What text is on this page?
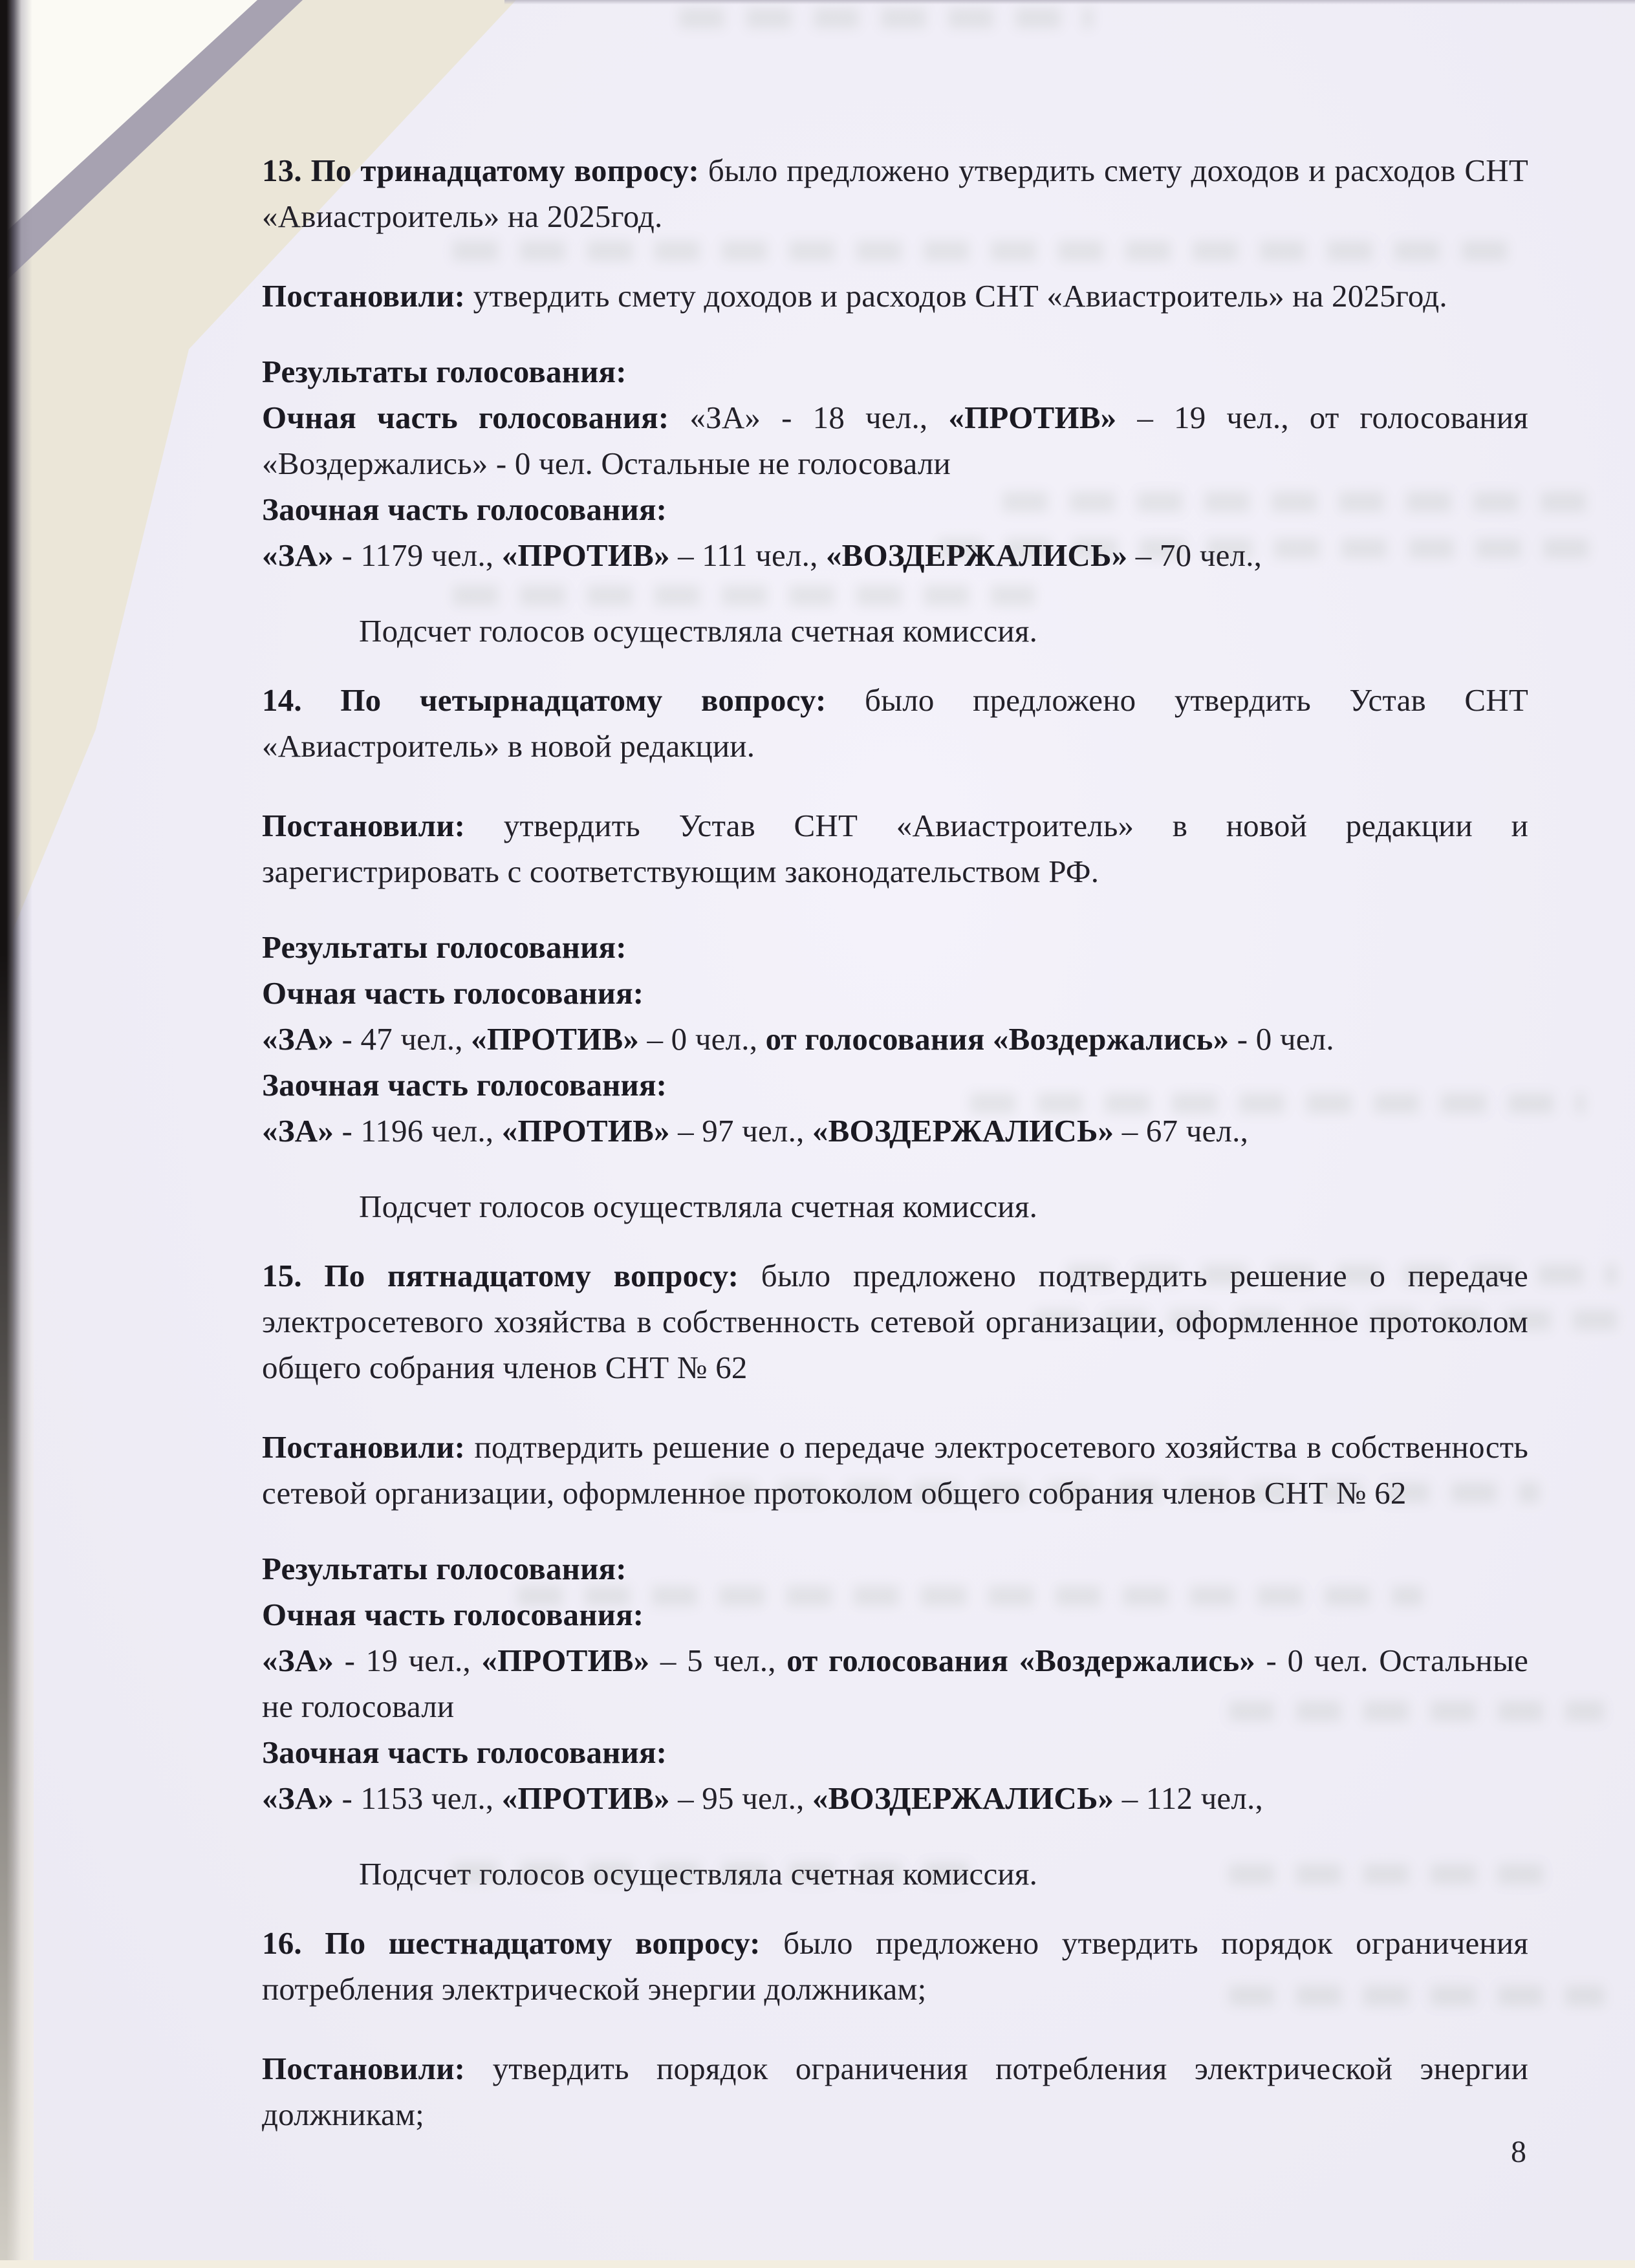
13. По тринадцатому вопросу: было предложено утвердить смету доходов и расходов СНТ «Авиастроитель» на 2025год.

Постановили: утвердить смету доходов и расходов СНТ «Авиастроитель» на 2025год.

Результаты голосования:

Очная часть голосования: «ЗА» - 18 чел., «ПРОТИВ» – 19 чел., от голосования «Воздержались» - 0 чел. Остальные не голосовали

Заочная часть голосования:

«ЗА» - 1179 чел., «ПРОТИВ» – 111 чел., «ВОЗДЕРЖАЛИСЬ» – 70 чел.,

Подсчет голосов осуществляла счетная комиссия.

14. По четырнадцатому вопросу: было предложено утвердить Устав СНТ «Авиастроитель» в новой редакции.

Постановили: утвердить Устав СНТ «Авиастроитель» в новой редакции и зарегистрировать с соответствующим законодательством РФ.

Результаты голосования:

Очная часть голосования:

«ЗА» - 47 чел., «ПРОТИВ» – 0 чел., от голосования «Воздержались» - 0 чел.

Заочная часть голосования:

«ЗА» - 1196 чел., «ПРОТИВ» – 97 чел., «ВОЗДЕРЖАЛИСЬ» – 67 чел.,

Подсчет голосов осуществляла счетная комиссия.

15. По пятнадцатому вопросу: было предложено подтвердить решение о передаче электросетевого хозяйства в собственность сетевой организации, оформленное протоколом общего собрания членов СНТ № 62

Постановили: подтвердить решение о передаче электросетевого хозяйства в собственность сетевой организации, оформленное протоколом общего собрания членов СНТ № 62

Результаты голосования:

Очная часть голосования:

«ЗА» - 19 чел., «ПРОТИВ» – 5 чел., от голосования «Воздержались» - 0 чел. Остальные не голосовали

Заочная часть голосования:

«ЗА» - 1153 чел., «ПРОТИВ» – 95 чел., «ВОЗДЕРЖАЛИСЬ» – 112 чел.,

Подсчет голосов осуществляла счетная комиссия.

16. По шестнадцатому вопросу: было предложено утвердить порядок ограничения потребления электрической энергии должникам;

Постановили: утвердить порядок ограничения потребления электрической энергии должникам;

8
